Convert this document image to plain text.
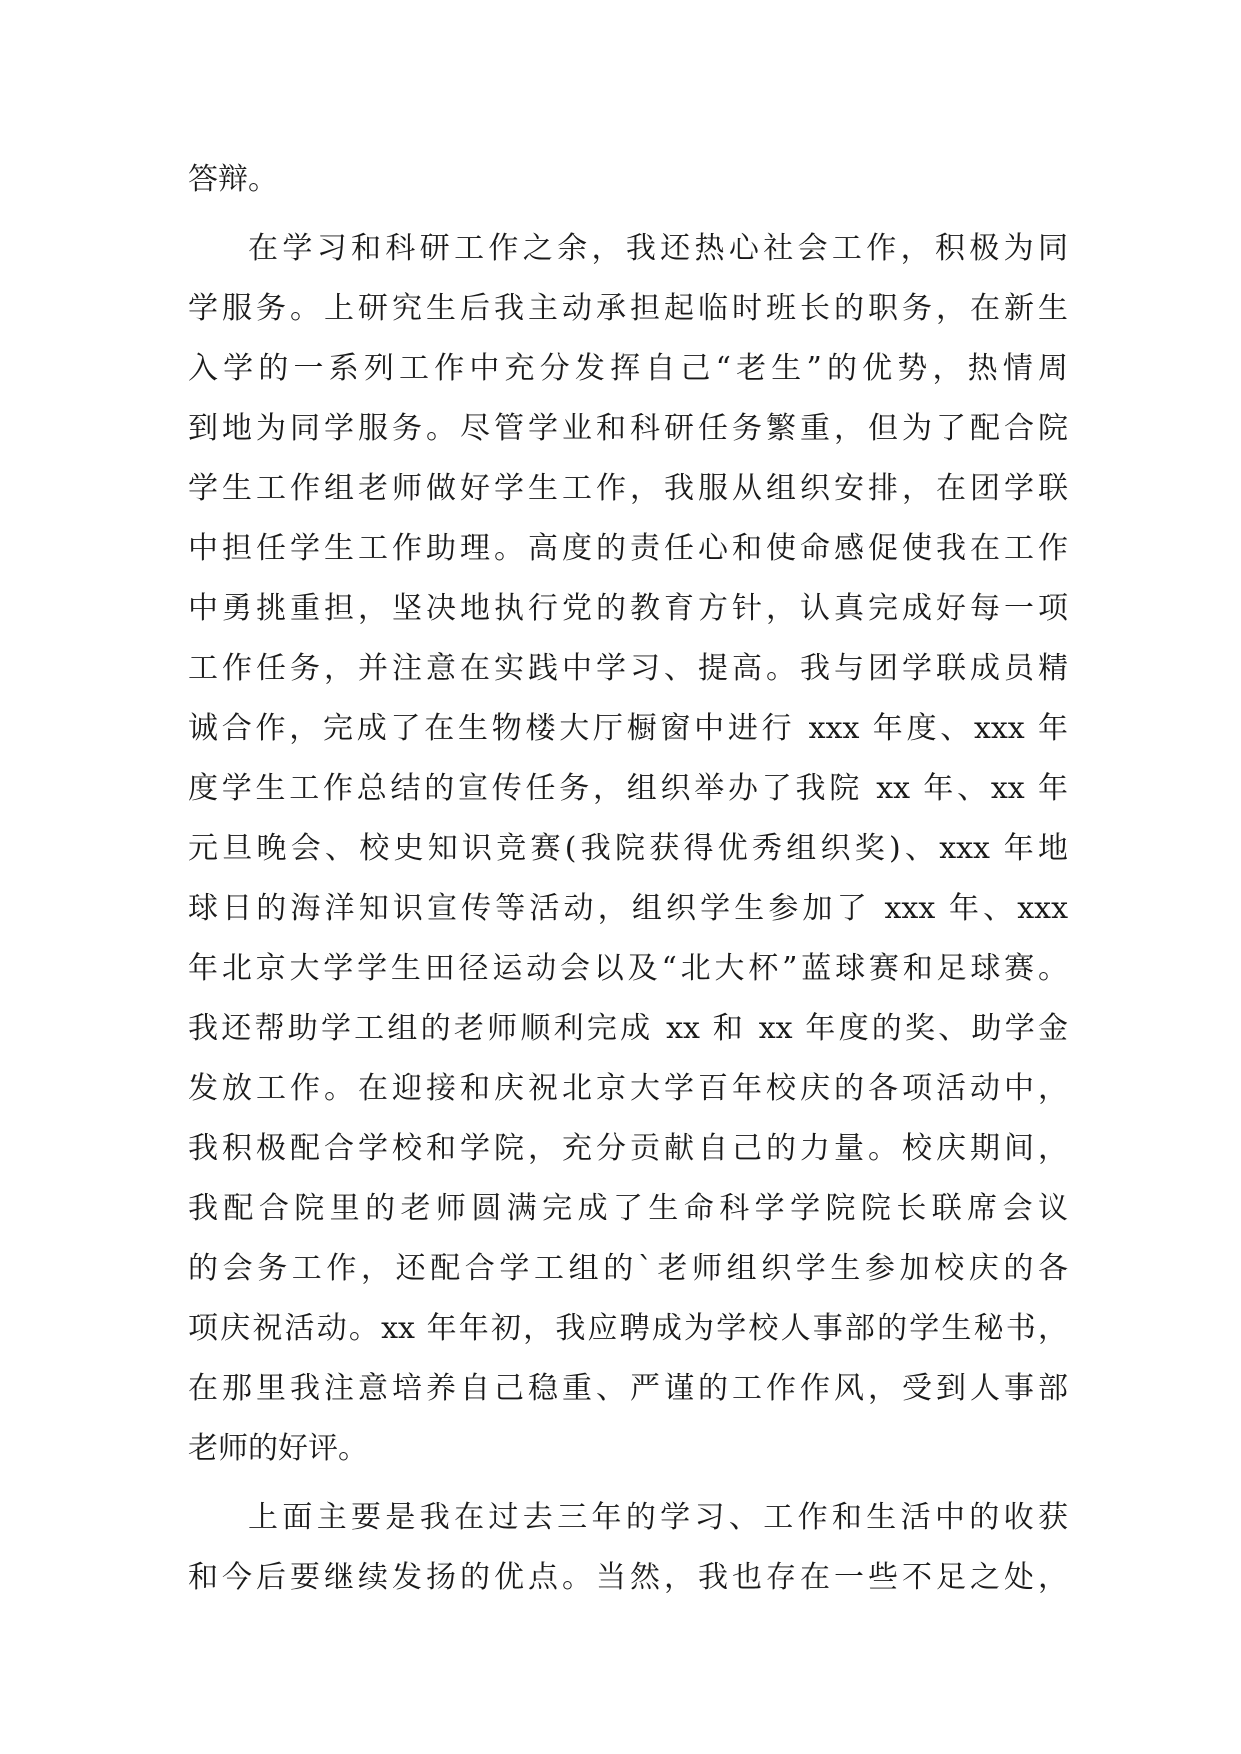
答辩。
在学习和科研工作之余，我还热心社会工作，积极为同
学服务。上研究生后我主动承担起临时班长的职务，在新生
入学的一系列工作中充分发挥自己“老生”的优势，热情周
到地为同学服务。尽管学业和科研任务繁重，但为了配合院
学生工作组老师做好学生工作，我服从组织安排，在团学联
中担任学生工作助理。高度的责任心和使命感促使我在工作
中勇挑重担，坚决地执行党的教育方针，认真完成好每一项
工作任务，并注意在实践中学习、提高。我与团学联成员精
诚合作，完成了在生物楼大厅橱窗中进行 xxx 年度、xxx 年
度学生工作总结的宣传任务，组织举办了我院 xx 年、xx 年
元旦晚会、校史知识竞赛(我院获得优秀组织奖)、xxx 年地
球日的海洋知识宣传等活动，组织学生参加了 xxx 年、xxx
年北京大学学生田径运动会以及“北大杯”蓝球赛和足球赛。
我还帮助学工组的老师顺利完成 xx 和 xx 年度的奖、助学金
发放工作。在迎接和庆祝北京大学百年校庆的各项活动中，
我积极配合学校和学院，充分贡献自己的力量。校庆期间，
我配合院里的老师圆满完成了生命科学学院院长联席会议
的会务工作，还配合学工组的`老师组织学生参加校庆的各
项庆祝活动。xx 年年初，我应聘成为学校人事部的学生秘书，
在那里我注意培养自己稳重、严谨的工作作风，受到人事部
老师的好评。
上面主要是我在过去三年的学习、工作和生活中的收获
和今后要继续发扬的优点。当然，我也存在一些不足之处，
